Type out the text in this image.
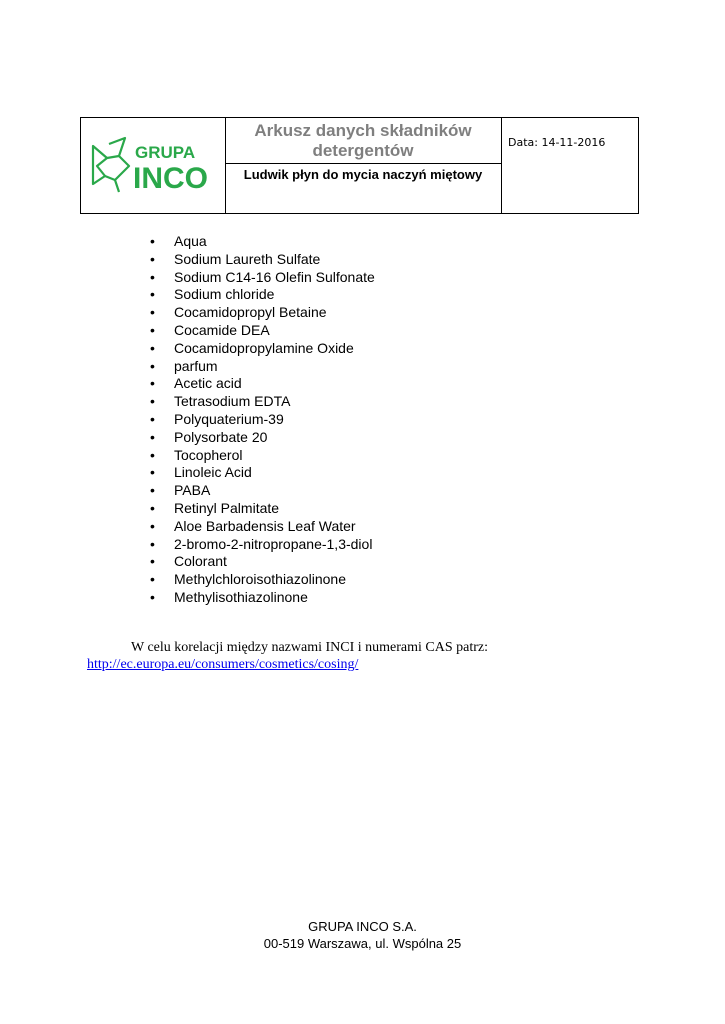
GRUPA
INCO
Arkusz danych składników detergentów
Ludwik płyn do mycia naczyń miętowy
Data: 14-11-2016
• Aqua
• Sodium Laureth Sulfate
• Sodium C14-16 Olefin Sulfonate
• Sodium chloride
• Cocamidopropyl Betaine
• Cocamide DEA
• Cocamidopropylamine Oxide
• parfum
• Acetic acid
• Tetrasodium EDTA
• Polyquaterium-39
• Polysorbate 20
• Tocopherol
• Linoleic Acid
• PABA
• Retinyl Palmitate
• Aloe Barbadensis Leaf Water
• 2-bromo-2-nitropropane-1,3-diol
• Colorant
• Methylchloroisothiazolinone
• Methylisothiazolinone
W celu korelacji między nazwami INCI i numerami CAS patrz:
http://ec.europa.eu/consumers/cosmetics/cosing/
GRUPA INCO S.A.
00-519 Warszawa, ul. Wspólna 25
